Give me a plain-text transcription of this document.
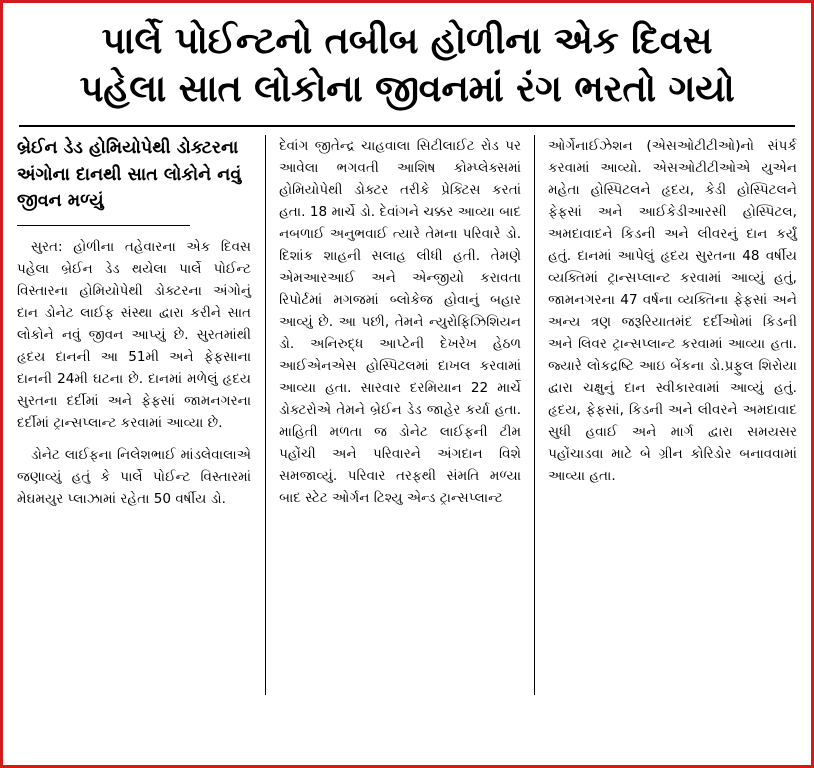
પાર્લે પોઈન્ટનો તબીબ હોળીના એક દિવસ
પહેલા સાત લોકોના જીવનમાં રંગ ભરતો ગયો
બ્રેઈન ડેડ હોમિયોપેથી ડોક્ટરના અંગોના દાનથી સાત લોકોને નવું જીવન મળ્યું

સુરત: હોળીના તહેવારના એક દિવસ પહેલા બ્રેઈન ડેડ થયેલા પાર્લે પોઈન્ટ વિસ્તારના હોમિયોપેથી ડોક્ટરના અંગોનું દાન ડોનેટ લાઈફ સંસ્થા દ્વારા કરીને સાત લોકોને નવું જીવન આપ્યું છે. સુરતમાંથી હૃદય દાનની આ 51મી અને ફેફસાના દાનની 24મી ઘટના છે. દાનમાં મળેલું હૃદય સુરતના દર્દીમાં અને ફેફસાં જામનગરના દર્દીમાં ટ્રાન્સપ્લાન્ટ કરવામાં આવ્યા છે.

ડોનેટ લાઈફના નિલેશભાઈ માંડલેવાલાએ જણાવ્યું હતું કે પાર્લે પોઈન્ટ વિસ્તારમાં મેઘમયુર પ્લાઝામાં રહેતા 50 વર્ષીય ડો.

દેવાંગ જીતેન્દ્ર ચાહવાલા સિટીલાઈટ રોડ પર આવેલા ભગવતી આશિષ કોમ્પ્લેક્સમાં હોમિયોપેથી ડોક્ટર તરીકે પ્રેક્ટિસ કરતાં હતા. 18 માર્ચે ડો. દેવાંગને ચક્કર આવ્યા બાદ નબળાઈ અનુભવાઈ ત્યારે તેમના પરિવારે ડો. દિશાંક શાહની સલાહ લીધી હતી. તેમણે એમઆરઆઈ અને એન્જીયો કરાવતા રિપોર્ટમાં મગજમાં બ્લોકેજ હોવાનું બહાર આવ્યું છે. આ પછી, તેમને ન્યુરોફિઝિશિયન ડો. અનિરુદ્ધ આપ્ટેની દેખરેખ હેઠળ આઈએનએસ હોસ્પિટલમાં દાખલ કરવામાં આવ્યા હતા. સારવાર દરમિયાન 22 માર્ચે ડોક્ટરોએ તેમને બ્રેઈન ડેડ જાહેર કર્યા હતા. માહિતી મળતા જ ડોનેટ લાઈફની ટીમ પહોંચી અને પરિવારને અંગદાન વિશે સમજાવ્યું. પરિવાર તરફથી સંમતિ મળ્યા બાદ સ્ટેટ ઓર્ગન ટિશ્યુ એન્ડ ટ્રાન્સપ્લાન્ટ

ઓર્ગેનાઈઝેશન (એસઓટીટીઓ)નો સંપર્ક કરવામાં આવ્યો. એસઓટીટીઓએ યુએન મહેતા હોસ્પિટલને હૃદય, કેડી હોસ્પિટલને ફેફસાં અને આઈકેડીઆરસી હોસ્પિટલ, અમદાવાદને કિડની અને લીવરનું દાન કર્યું હતું. દાનમાં આપેલું હૃદય સુરતના 48 વર્ષીય વ્યક્તિમાં ટ્રાન્સપ્લાન્ટ કરવામાં આવ્યું હતું, જામનગરના 47 વર્ષના વ્યક્તિના ફેફસાં અને અન્ય ત્રણ જરૂરિયાતમંદ દર્દીઓમાં કિડની અને લિવર ટ્રાન્સપ્લાન્ટ કરવામાં આવ્યા હતા. જ્યારે લોકદ્રષ્ટિ આઇ બેંકના ડો.પ્રફુલ શિરોયા દ્વારા ચક્ષુનું દાન સ્વીકારવામાં આવ્યું હતું. હૃદય, ફેફસાં, કિડની અને લીવરને અમદાવાદ સુધી હવાઈ અને માર્ગ દ્વારા સમયસર પહોંચાડવા માટે બે ગ્રીન કોરિડોર બનાવવામાં આવ્યા હતા.
